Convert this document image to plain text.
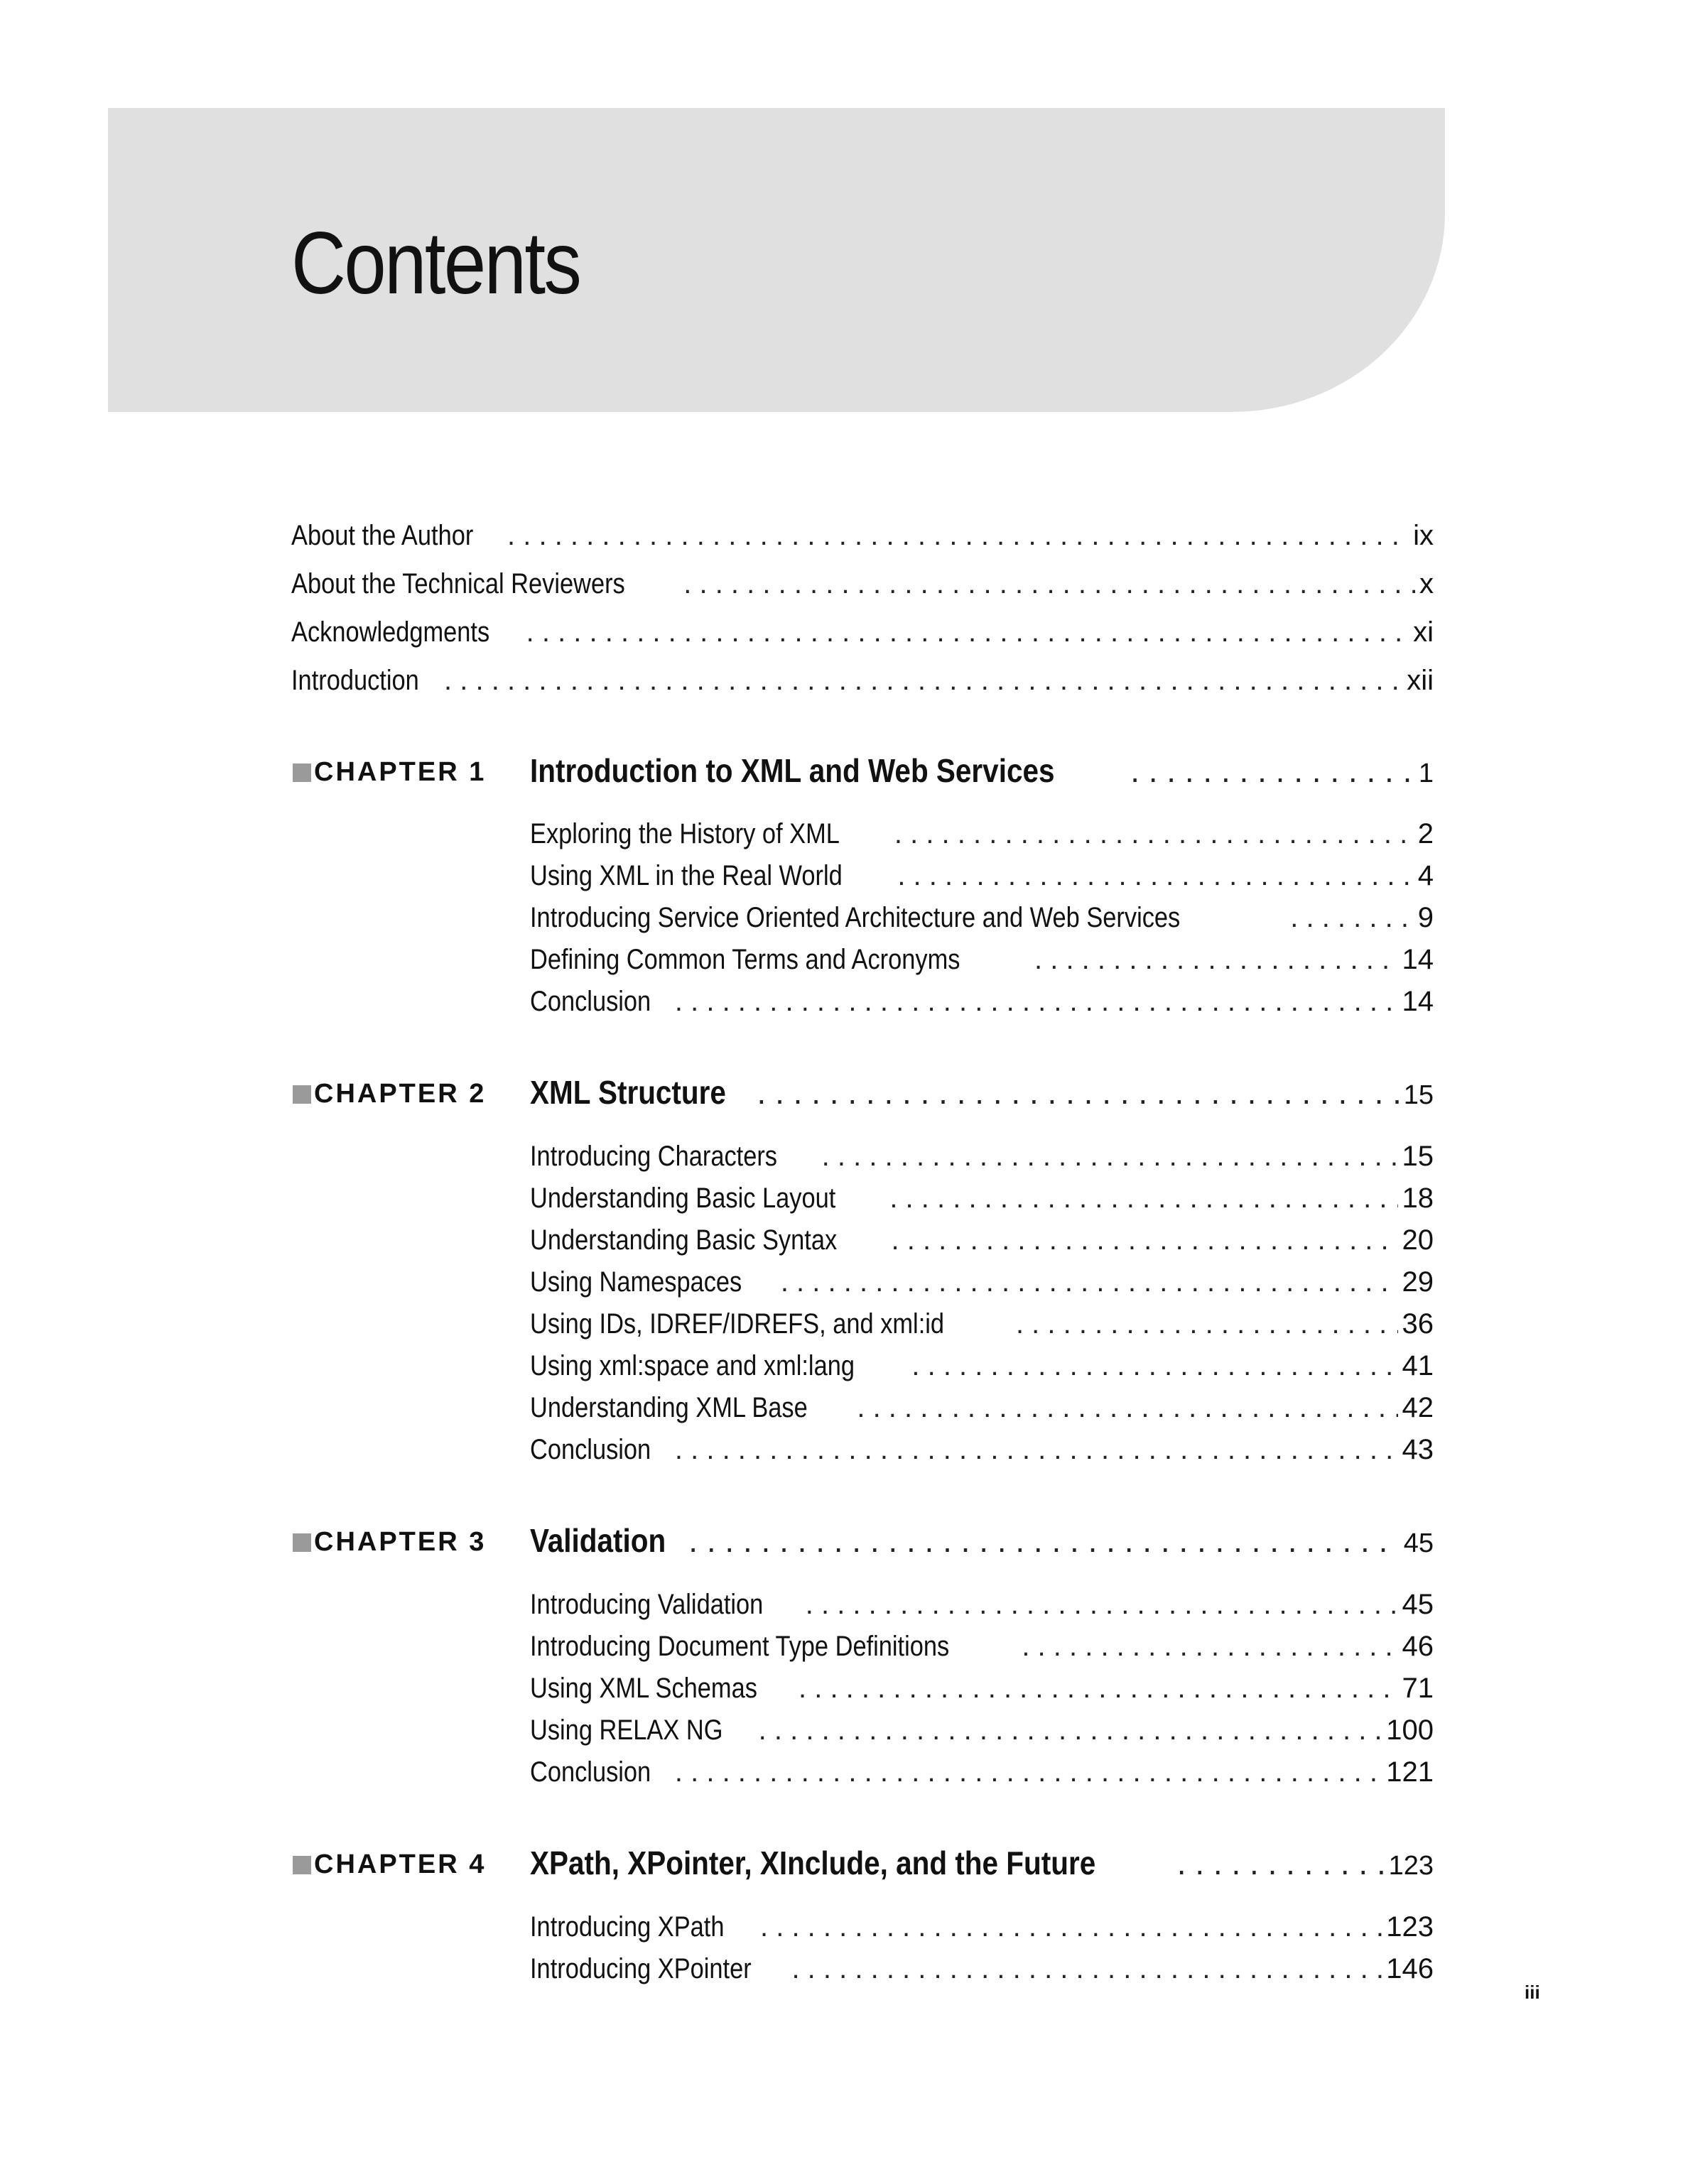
Contents
About the Author . . .	ix
About the Technical Reviewers . . .	x
Acknowledgments . . .	xi
Introduction . . .	xii
CHAPTER 1 Introduction to XML and Web Services . . .	1
Exploring the History of XML . . .	2
Using XML in the Real World . . .	4
Introducing Service Oriented Architecture and Web Services . . .	9
Defining Common Terms and Acronyms . . .	14
Conclusion . . .	14
CHAPTER 2 XML Structure . . .	15
Introducing Characters . . .	15
Understanding Basic Layout . . .	18
Understanding Basic Syntax . . .	20
Using Namespaces . . .	29
Using IDs, IDREF/IDREFS, and xml:id . . .	36
Using xml:space and xml:lang . . .	41
Understanding XML Base . . .	42
Conclusion . . .	43
CHAPTER 3 Validation . . .	45
Introducing Validation . . .	45
Introducing Document Type Definitions . . .	46
Using XML Schemas . . .	71
Using RELAX NG . . .	100
Conclusion . . .	121
CHAPTER 4 XPath, XPointer, XInclude, and the Future . . .	123
Introducing XPath . . .	123
Introducing XPointer . . .	146
iii
